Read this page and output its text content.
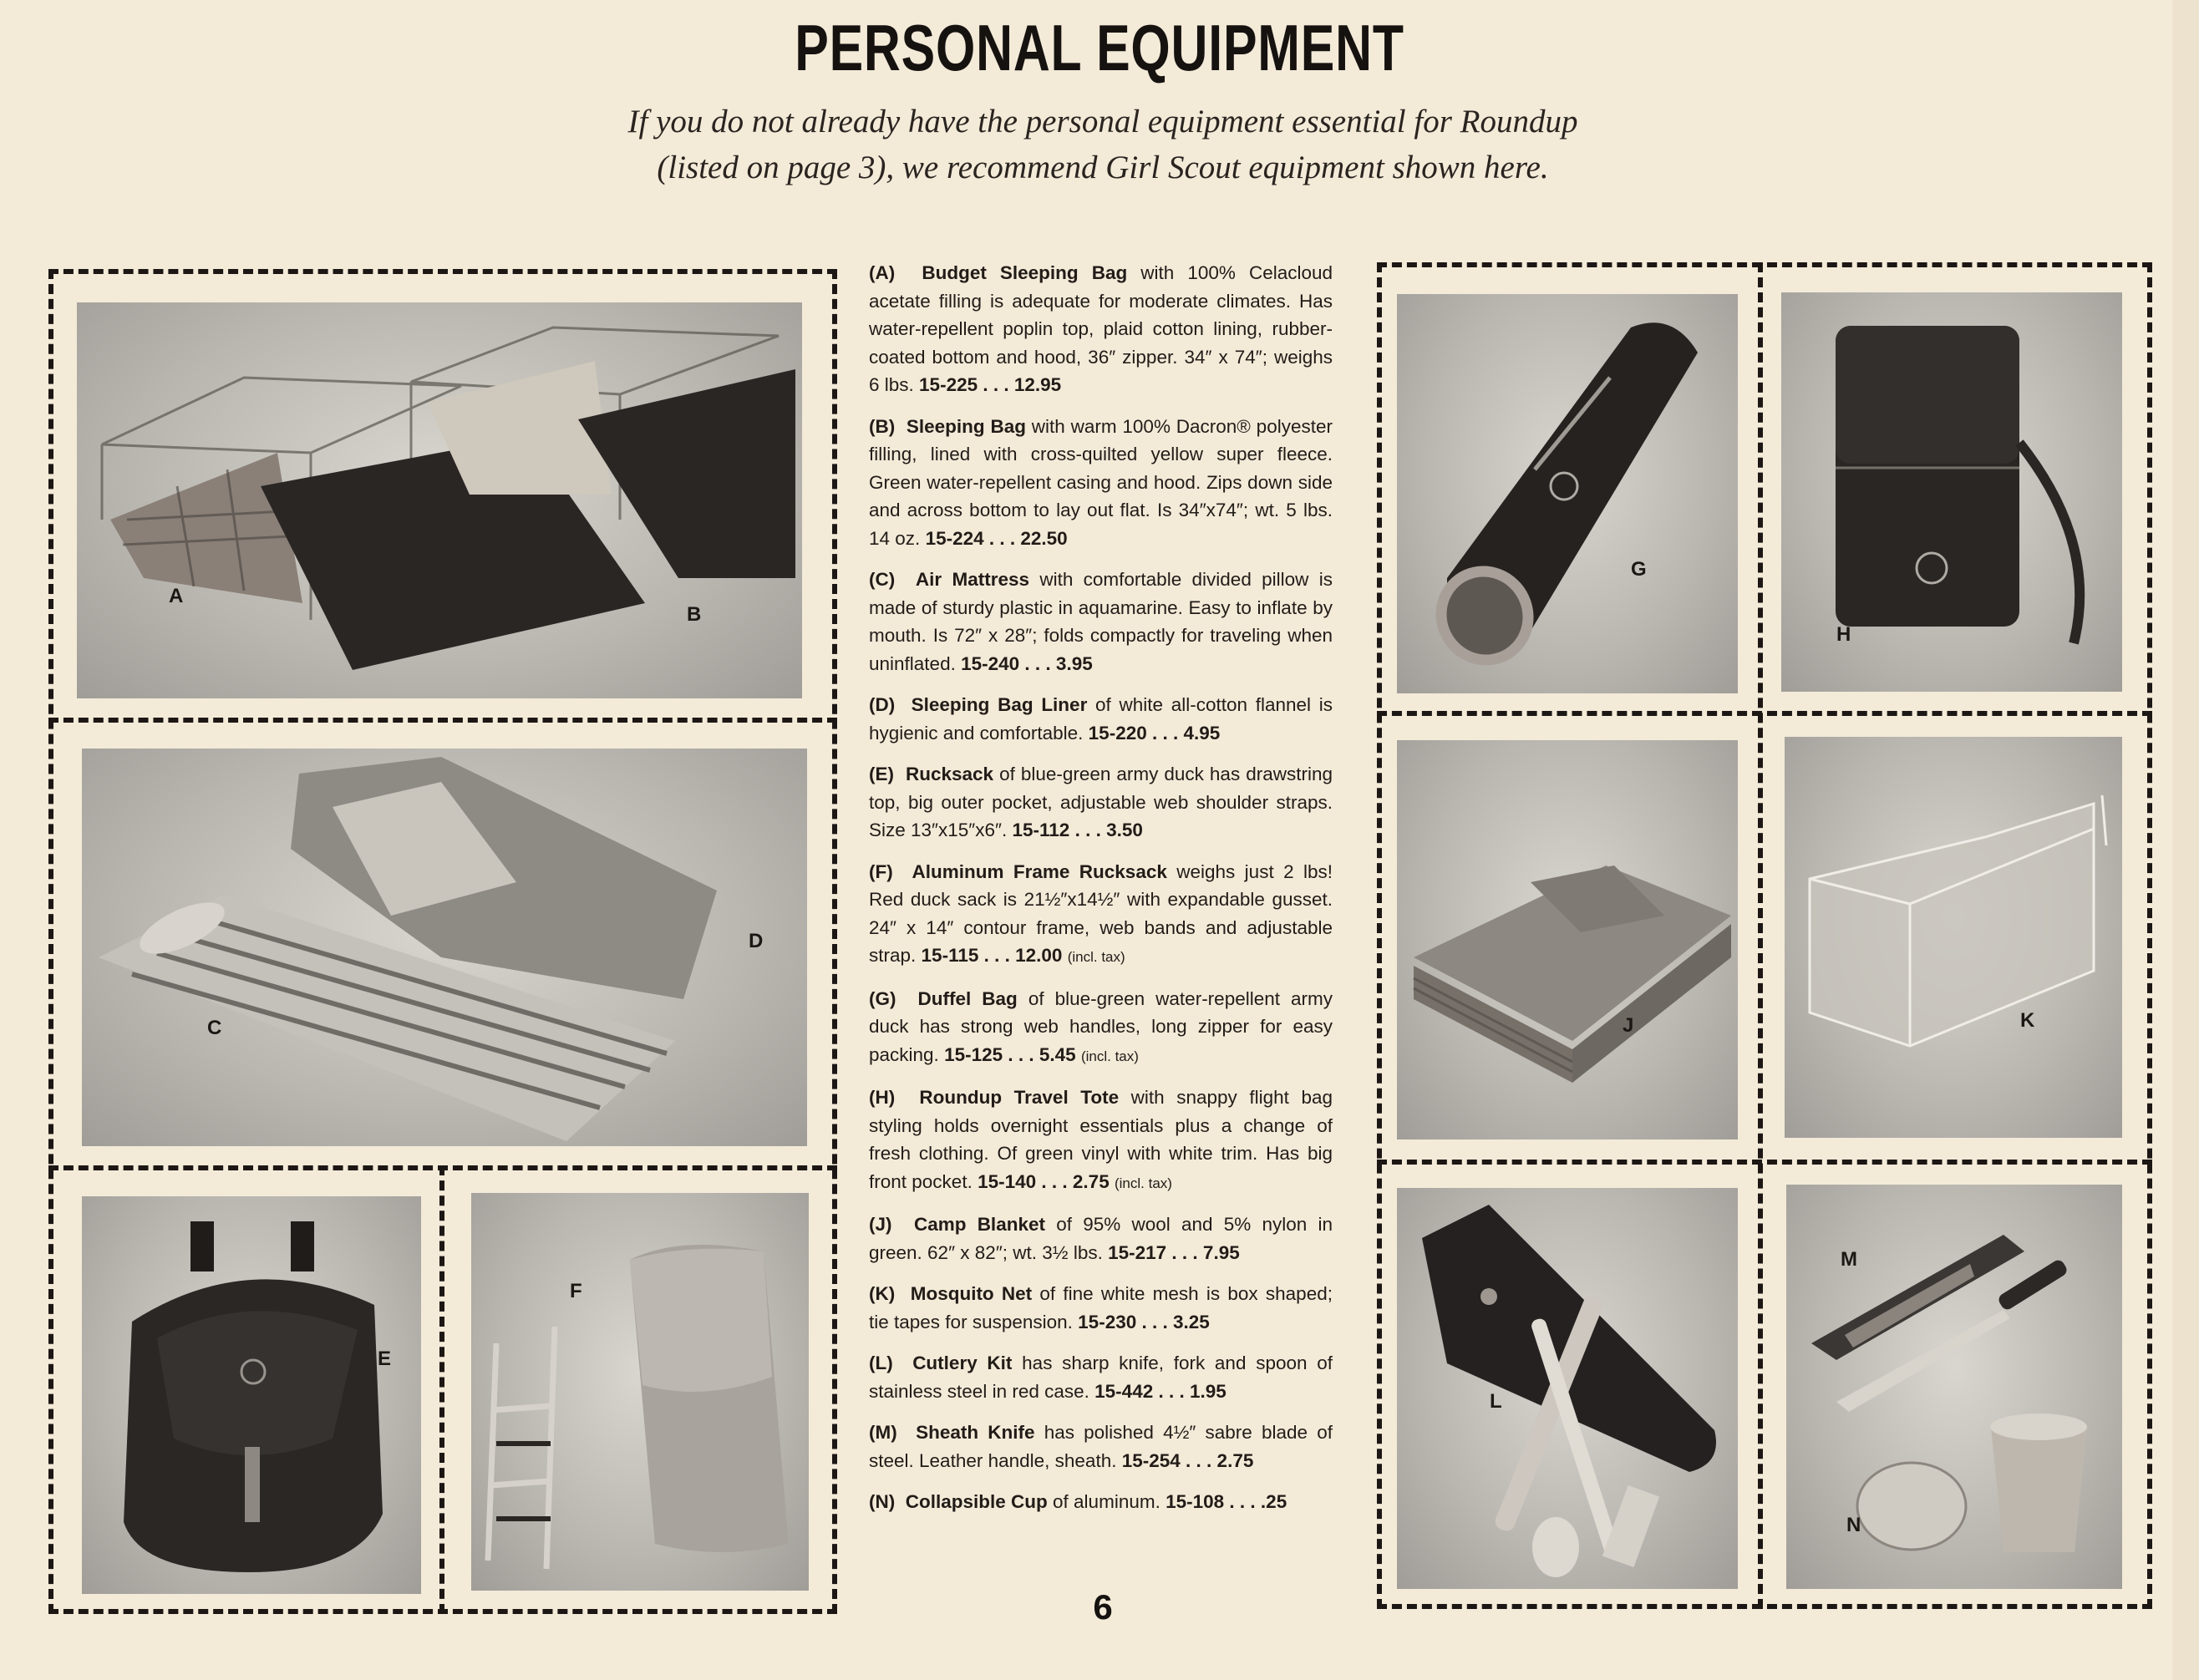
PERSONAL EQUIPMENT
If you do not already have the personal equipment essential for Roundup (listed on page 3), we recommend Girl Scout equipment shown here.
A
B
C
D
E
F

(A) Budget Sleeping Bag with 100% Celacloud acetate filling is adequate for moderate climates. Has water-repellent poplin top, plaid cotton lining, rubber-coated bottom and hood, 36″ zipper. 34″ x 74″; weighs 6 lbs. 15-225 . . . 12.95

(B) Sleeping Bag with warm 100% Dacron® polyester filling, lined with cross-quilted yellow super fleece. Green water-repellent casing and hood. Zips down side and across bottom to lay out flat. Is 34″x74″; wt. 5 lbs. 14 oz. 15-224 . . . 22.50

(C) Air Mattress with comfortable divided pillow is made of sturdy plastic in aquamarine. Easy to inflate by mouth. Is 72″ x 28″; folds compactly for traveling when uninflated. 15-240 . . . 3.95

(D) Sleeping Bag Liner of white all-cotton flannel is hygienic and comfortable. 15-220 . . . 4.95

(E) Rucksack of blue-green army duck has drawstring top, big outer pocket, adjustable web shoulder straps. Size 13″x15″x6″. 15-112 . . . 3.50

(F) Aluminum Frame Rucksack weighs just 2 lbs! Red duck sack is 21½″x14½″ with expandable gusset. 24″ x 14″ contour frame, web bands and adjustable strap. 15-115 . . . 12.00 (incl. tax)

(G) Duffel Bag of blue-green water-repellent army duck has strong web handles, long zipper for easy packing. 15-125 . . . 5.45 (incl. tax)

(H) Roundup Travel Tote with snappy flight bag styling holds overnight essentials plus a change of fresh clothing. Of green vinyl with white trim. Has big front pocket. 15-140 . . . 2.75 (incl. tax)

(J) Camp Blanket of 95% wool and 5% nylon in green. 62″ x 82″; wt. 3½ lbs. 15-217 . . . 7.95

(K) Mosquito Net of fine white mesh is box shaped; tie tapes for suspension. 15-230 . . . 3.25

(L) Cutlery Kit has sharp knife, fork and spoon of stainless steel in red case. 15-442 . . . 1.95

(M) Sheath Knife has polished 4½″ sabre blade of steel. Leather handle, sheath. 15-254 . . . 2.75

(N) Collapsible Cup of aluminum. 15-108 . . . .25

G
H
J	K
L
M
N
6
